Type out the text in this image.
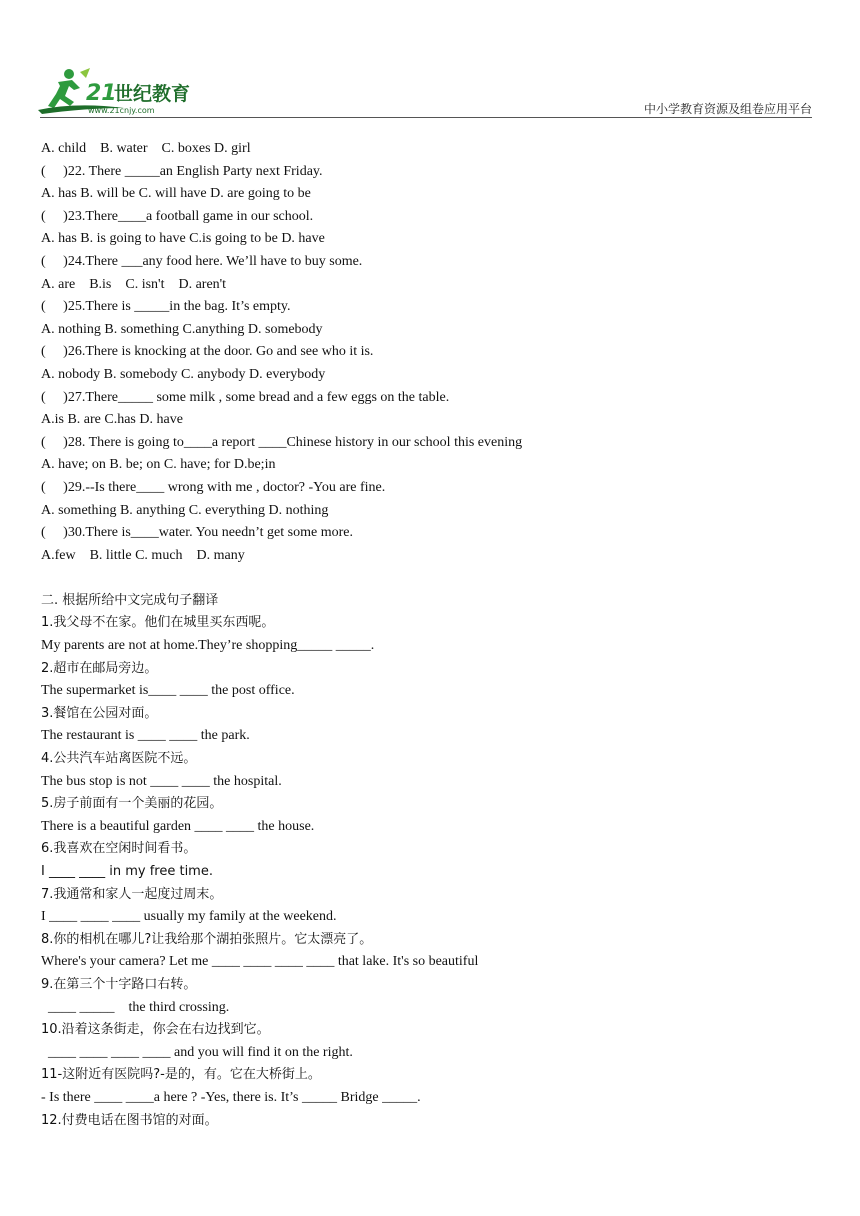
21
世纪教育
www.21cnjy.com	中小学教育资源及组卷应用平台
A. child    B. water    C. boxes D. girl
(     )22. There _____an English Party next Friday.
A. has B. will be C. will have D. are going to be
(     )23.There____a football game in our school.
A. has B. is going to have C.is going to be D. have
(     )24.There ___any food here. We’ll have to buy some.
A. are    B.is    C. isn't    D. aren't
(     )25.There is _____in the bag. It’s empty.
A. nothing B. something C.anything D. somebody
(     )26.There is knocking at the door. Go and see who it is.
A. nobody B. somebody C. anybody D. everybody
(     )27.There_____ some milk , some bread and a few eggs on the table.
A.is B. are C.has D. have
(     )28. There is going to____a report ____Chinese history in our school this evening
A. have; on B. be; on C. have; for D.be;in
(     )29.--Is there____ wrong with me , doctor? -You are fine.
A. something B. anything C. everything D. nothing
(     )30.There is____water. You needn’t get some more.
A.few    B. little C. much    D. many
二. 根据所给中文完成句子翻译
1.我父母不在家。他们在城里买东西呢。
My parents are not at home.They’re shopping_____ _____.
2.超市在邮局旁边。
The supermarket is____ ____ the post office.
3.餐馆在公园对面。
The restaurant is ____ ____ the park.
4.公共汽车站离医院不远。
The bus stop is not ____ ____ the hospital.
5.房子前面有一个美丽的花园。
There is a beautiful garden ____ ____ the house.
6.我喜欢在空闲时间看书。
I ____ ____ in my free time.
7.我通常和家人一起度过周末。
I ____ ____ ____ usually my family at the weekend.
8.你的相机在哪儿?让我给那个湖拍张照片。它太漂亮了。
Where's your camera? Let me ____ ____ ____ ____ that lake. It's so beautiful
9.在第三个十字路口右转。
____ _____    the third crossing.
10.沿着这条街走，你会在右边找到它。
____ ____ ____ ____ and you will find it on the right.
11-这附近有医院吗?-是的，有。它在大桥街上。
- Is there ____ ____a here ? -Yes, there is. It’s _____ Bridge _____.
12.付费电话在图书馆的对面。
